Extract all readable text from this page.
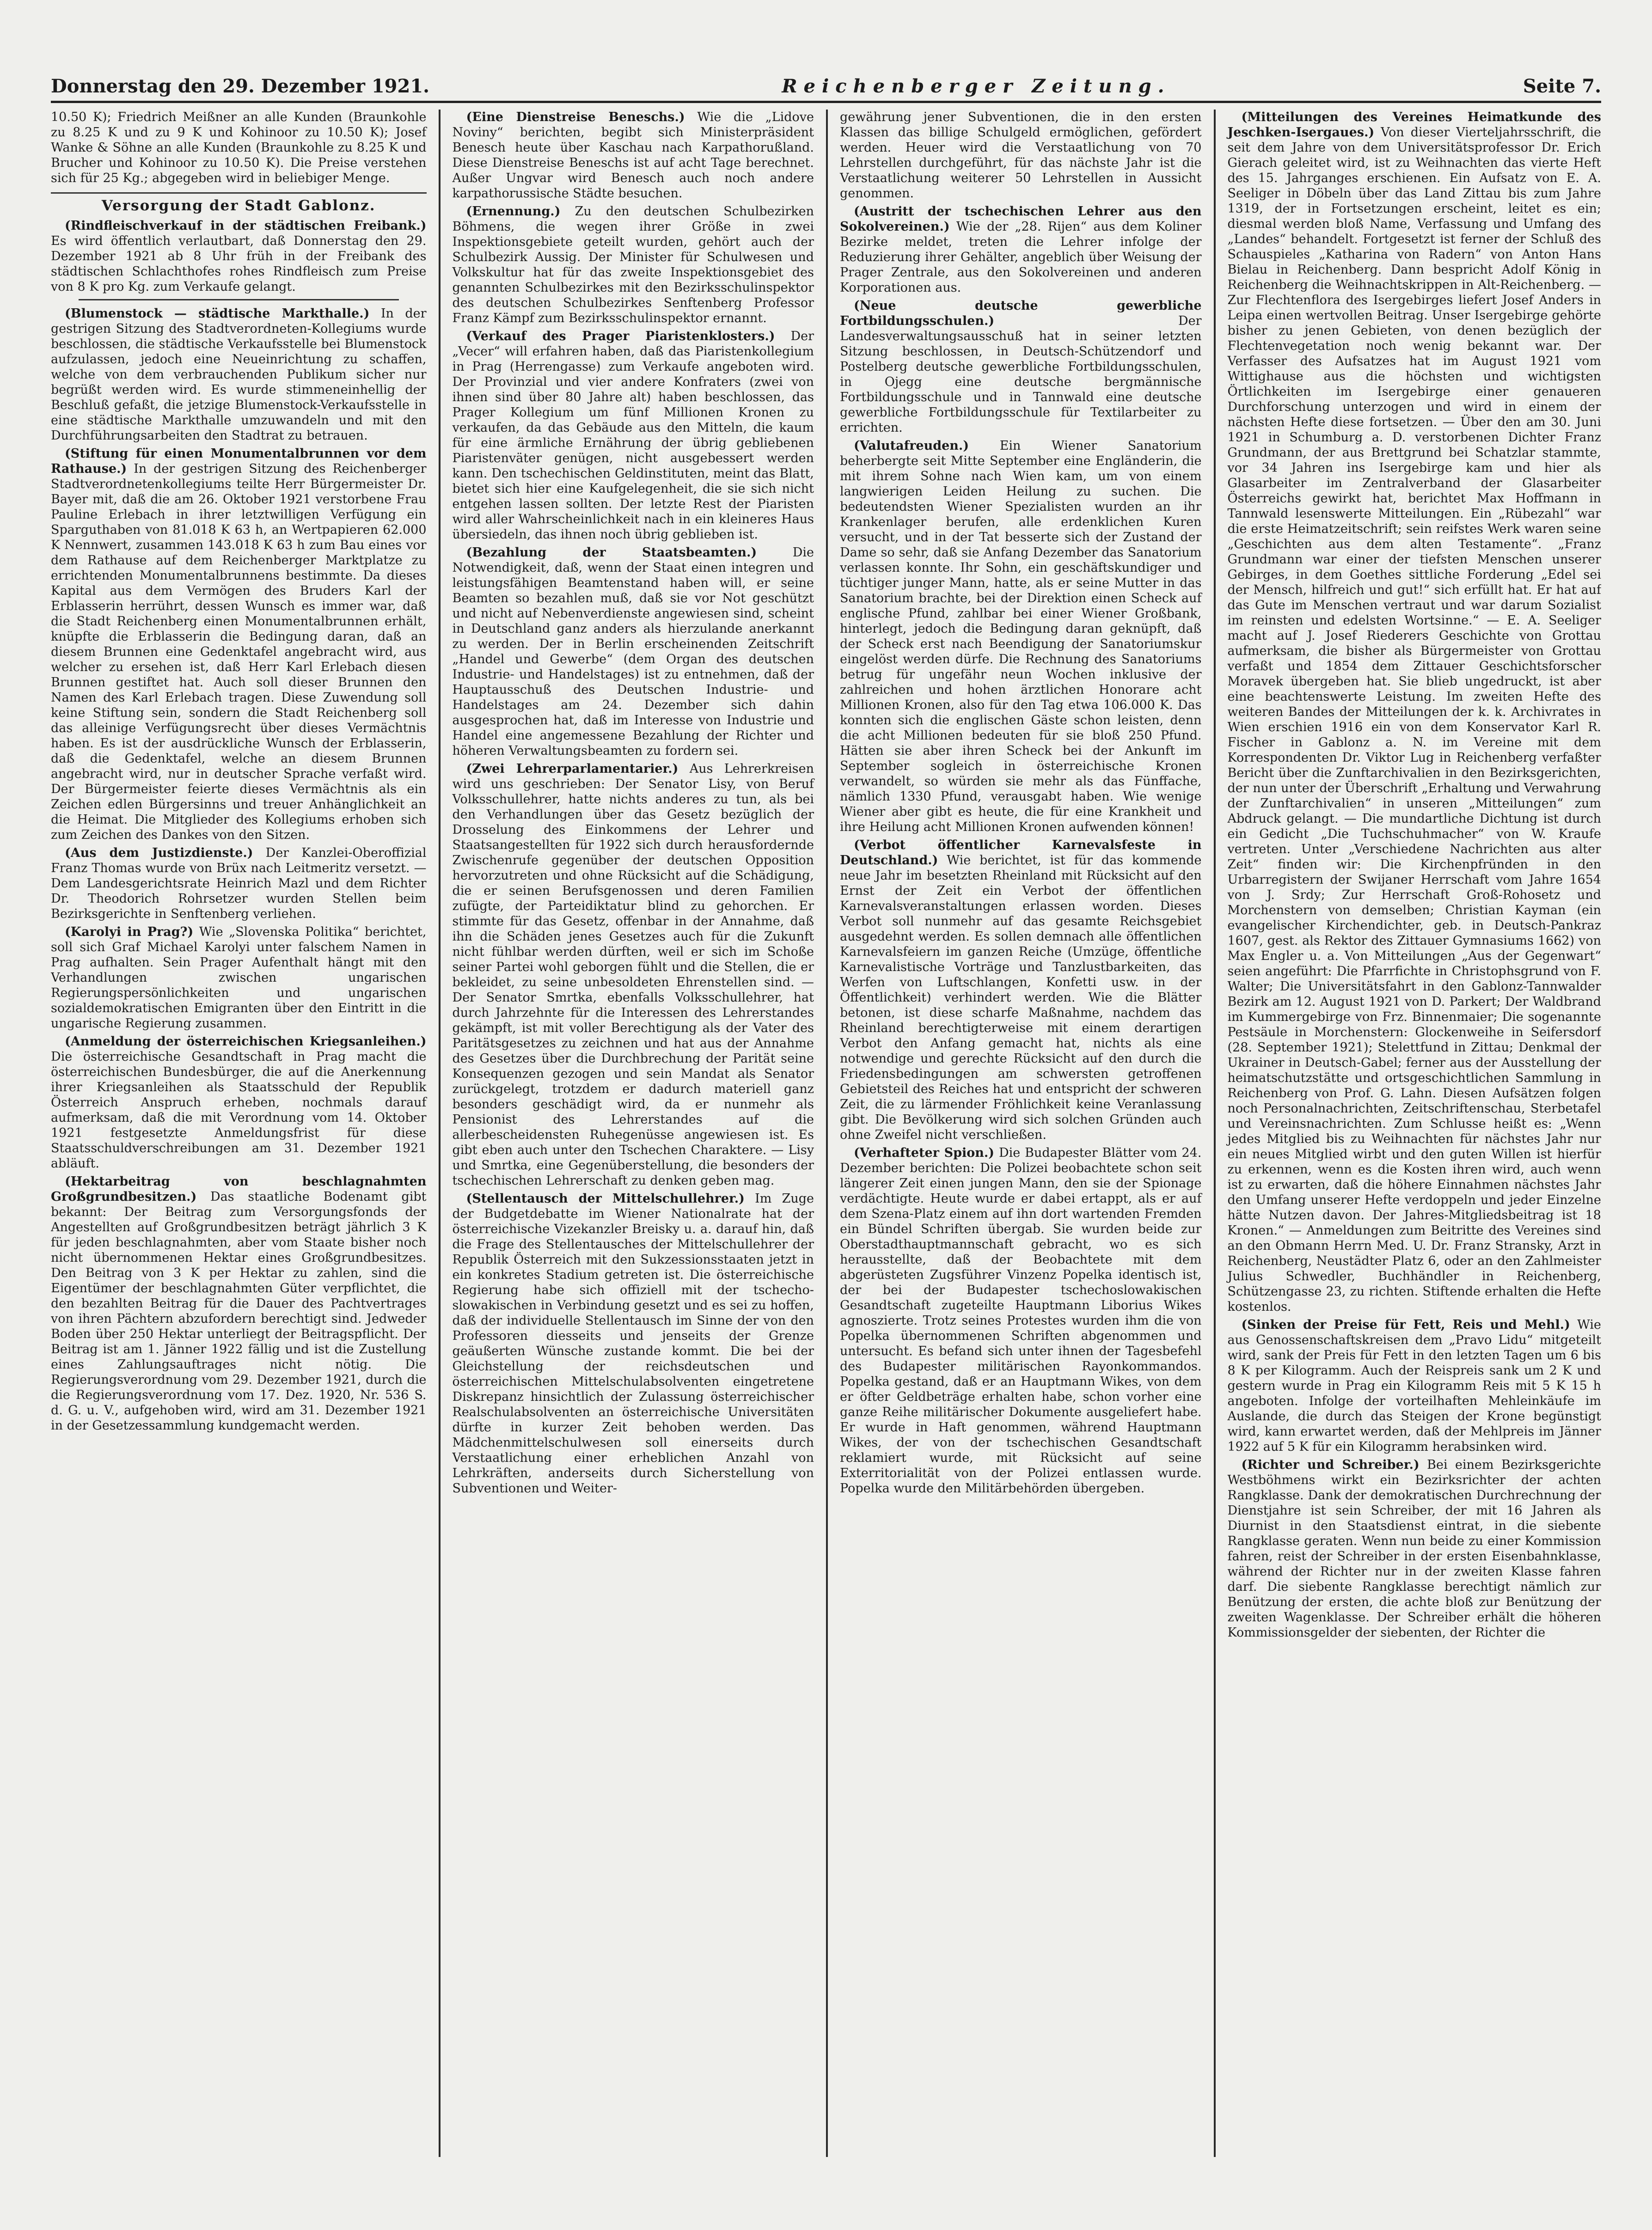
Donnerstag den 29. Dezember 1921.	Reichenberger Zeitung.	Seite 7.

10.50 K); Friedrich Meißner an alle Kunden (Braunkohle zu 8.25 K und zu 9 K und Kohinoor zu 10.50 K); Josef Wanke & Söhne an alle Kunden (Braunkohle zu 8.25 K und Brucher und Kohinoor zu 10.50 K). Die Preise verstehen sich für 25 Kg.; abgegeben wird in beliebiger Menge.

Versorgung der Stadt Gablonz.

(Rindfleischverkauf in der städtischen Freibank.) Es wird öffentlich verlautbart, daß Donnerstag den 29. Dezember 1921 ab 8 Uhr früh in der Freibank des städtischen Schlachthofes rohes Rindfleisch zum Preise von 8 K pro Kg. zum Verkaufe gelangt.

(Blumenstock — städtische Markthalle.) In der gestrigen Sitzung des Stadtverordneten-Kollegiums wurde beschlossen, die städtische Verkaufsstelle bei Blumenstock aufzulassen, jedoch eine Neueinrichtung zu schaffen, welche von dem verbrauchenden Publikum sicher nur begrüßt werden wird. Es wurde stimmeneinhellig der Beschluß gefaßt, die jetzige Blumenstock-Verkaufsstelle in eine städtische Markthalle umzuwandeln und mit den Durchführungsarbeiten den Stadtrat zu betrauen.

(Stiftung für einen Monumentalbrunnen vor dem Rathause.) In der gestrigen Sitzung des Reichenberger Stadtverordnetenkollegiums teilte Herr Bürgermeister Dr. Bayer mit, daß die am 26. Oktober 1921 verstorbene Frau Pauline Erlebach in ihrer letztwilligen Verfügung ein Sparguthaben von 81.018 K 63 h, an Wertpapieren 62.000 K Nennwert, zusammen 143.018 K 63 h zum Bau eines vor dem Rathause auf dem Reichenberger Marktplatze zu errichtenden Monumentalbrunnens bestimmte. Da dieses Kapital aus dem Vermögen des Bruders Karl der Erblasserin herrührt, dessen Wunsch es immer war, daß die Stadt Reichenberg einen Monumentalbrunnen erhält, knüpfte die Erblasserin die Bedingung daran, daß an diesem Brunnen eine Gedenktafel angebracht wird, aus welcher zu ersehen ist, daß Herr Karl Erlebach diesen Brunnen gestiftet hat. Auch soll dieser Brunnen den Namen des Karl Erlebach tragen. Diese Zuwendung soll keine Stiftung sein, sondern die Stadt Reichenberg soll das alleinige Verfügungsrecht über dieses Vermächtnis haben. Es ist der ausdrückliche Wunsch der Erblasserin, daß die Gedenktafel, welche an diesem Brunnen angebracht wird, nur in deutscher Sprache verfaßt wird. Der Bürgermeister feierte dieses Vermächtnis als ein Zeichen edlen Bürgersinns und treuer Anhänglichkeit an die Heimat. Die Mitglieder des Kollegiums erhoben sich zum Zeichen des Dankes von den Sitzen.

(Aus dem Justizdienste.) Der Kanzlei-Oberoffizial Franz Thomas wurde von Brüx nach Leitmeritz versetzt. — Dem Landesgerichtsrate Heinrich Mazl und dem Richter Dr. Theodorich Rohrsetzer wurden Stellen beim Bezirksgerichte in Senftenberg verliehen.

(Karolyi in Prag?) Wie „Slovenska Politika“ berichtet, soll sich Graf Michael Karolyi unter falschem Namen in Prag aufhalten. Sein Prager Aufenthalt hängt mit den Verhandlungen zwischen ungarischen Regierungspersönlichkeiten und ungarischen sozialdemokratischen Emigranten über den Eintritt in die ungarische Regierung zusammen.

(Anmeldung der österreichischen Kriegsanleihen.) Die österreichische Gesandtschaft in Prag macht die österreichischen Bundesbürger, die auf die Anerkennung ihrer Kriegsanleihen als Staatsschuld der Republik Österreich Anspruch erheben, nochmals darauf aufmerksam, daß die mit Verordnung vom 14. Oktober 1921 festgesetzte Anmeldungsfrist für diese Staatsschuldverschreibungen am 31. Dezember 1921 abläuft.

(Hektarbeitrag von beschlagnahmten Großgrundbesitzen.) Das staatliche Bodenamt gibt bekannt: Der Beitrag zum Versorgungsfonds der Angestellten auf Großgrundbesitzen beträgt jährlich 3 K für jeden beschlagnahmten, aber vom Staate bisher noch nicht übernommenen Hektar eines Großgrundbesitzes. Den Beitrag von 3 K per Hektar zu zahlen, sind die Eigentümer der beschlagnahmten Güter verpflichtet, die den bezahlten Beitrag für die Dauer des Pachtvertrages von ihren Pächtern abzufordern berechtigt sind. Jedweder Boden über 250 Hektar unterliegt der Beitragspflicht. Der Beitrag ist am 1. Jänner 1922 fällig und ist die Zustellung eines Zahlungsauftrages nicht nötig. Die Regierungsverordnung vom 29. Dezember 1921, durch die die Regierungsverordnung vom 17. Dez. 1920, Nr. 536 S. d. G. u. V., aufgehoben wird, wird am 31. Dezember 1921 in der Gesetzessammlung kundgemacht werden.

(Eine Dienstreise Beneschs.) Wie die „Lidove Noviny“ berichten, begibt sich Ministerpräsident Benesch heute über Kaschau nach Karpathorußland. Diese Dienstreise Beneschs ist auf acht Tage berechnet. Außer Ungvar wird Benesch auch noch andere karpathorussische Städte besuchen.

(Ernennung.) Zu den deutschen Schulbezirken Böhmens, die wegen ihrer Größe in zwei Inspektionsgebiete geteilt wurden, gehört auch der Schulbezirk Aussig. Der Minister für Schulwesen und Volkskultur hat für das zweite Inspektionsgebiet des genannten Schulbezirkes mit den Bezirksschulinspektor des deutschen Schulbezirkes Senftenberg Professor Franz Kämpf zum Bezirksschulinspektor ernannt.

(Verkauf des Prager Piaristenklosters.) Der „Vecer“ will erfahren haben, daß das Piaristenkollegium in Prag (Herrengasse) zum Verkaufe angeboten wird. Der Provinzial und vier andere Konfraters (zwei von ihnen sind über 80 Jahre alt) haben beschlossen, das Prager Kollegium um fünf Millionen Kronen zu verkaufen, da das Gebäude aus den Mitteln, die kaum für eine ärmliche Ernährung der übrig gebliebenen Piaristenväter genügen, nicht ausgebessert werden kann. Den tschechischen Geldinstituten, meint das Blatt, bietet sich hier eine Kaufgelegenheit, die sie sich nicht entgehen lassen sollten. Der letzte Rest der Piaristen wird aller Wahrscheinlichkeit nach in ein kleineres Haus übersiedeln, das ihnen noch übrig geblieben ist.

(Bezahlung der Staatsbeamten.)	Die Notwendigkeit, daß, wenn der Staat einen integren und leistungsfähigen Beamtenstand haben will, er seine Beamten so bezahlen muß, daß sie vor Not geschützt und nicht auf Nebenverdienste angewiesen sind, scheint in Deutschland ganz anders als hierzulande anerkannt zu werden. Der in Berlin erscheinenden Zeitschrift „Handel und Gewerbe“ (dem Organ des deutschen Industrie- und Handelstages) ist zu entnehmen, daß der Hauptausschuß des Deutschen Industrie- und Handelstages am 24. Dezember sich dahin ausgesprochen hat, daß im Interesse von Industrie und Handel eine angemessene Bezahlung der Richter und höheren Verwaltungsbeamten zu fordern sei.

(Zwei Lehrerparlamentarier.) Aus Lehrerkreisen wird uns geschrieben: Der Senator Lisy, von Beruf Volksschullehrer, hatte nichts anderes zu tun, als bei den Verhandlungen über das Gesetz bezüglich der Drosselung des Einkommens der Lehrer und Staatsangestellten für 1922 sich durch herausfordernde Zwischenrufe gegenüber der deutschen Opposition hervorzutreten und ohne Rücksicht auf die Schädigung, die er seinen Berufsgenossen und deren Familien zufügte, der Parteidiktatur blind zu gehorchen. Er stimmte für das Gesetz, offenbar in der Annahme, daß ihn die Schäden jenes Gesetzes auch für die Zukunft nicht fühlbar werden dürften, weil er sich im Schoße seiner Partei wohl geborgen fühlt und die Stellen, die er bekleidet, zu seine unbesoldeten Ehrenstellen sind. — Der Senator Smrtka, ebenfalls Volksschullehrer, hat durch Jahrzehnte für die Interessen des Lehrerstandes gekämpft, ist mit voller Berechtigung als der Vater des Paritätsgesetzes zu zeichnen und hat aus der Annahme des Gesetzes über die Durchbrechung der Parität seine Konsequenzen gezogen und sein Mandat als Senator zurückgelegt, trotzdem er dadurch materiell ganz besonders geschädigt wird, da er nunmehr als Pensionist des Lehrerstandes auf die allerbescheidensten Ruhegenüsse angewiesen ist. Es gibt eben auch unter den Tschechen Charaktere. — Lisy und Smrtka, eine Gegenüberstellung, die besonders der tschechischen Lehrerschaft zu denken geben mag.

(Stellentausch der Mittelschullehrer.) Im Zuge der Budgetdebatte im Wiener Nationalrate hat der österreichische Vizekanzler Breisky u. a. darauf hin, daß die Frage des Stellentausches der Mittelschullehrer der Republik Österreich mit den Sukzessionsstaaten jetzt in ein konkretes Stadium getreten ist. Die österreichische Regierung habe sich offiziell mit der tschecho-slowakischen in Verbindung gesetzt und es sei zu hoffen, daß der individuelle Stellentausch im Sinne der von den Professoren diesseits und jenseits der Grenze geäußerten Wünsche zustande kommt. Die bei der Gleichstellung der reichsdeutschen und österreichischen Mittelschulabsolventen eingetretene Diskrepanz hinsichtlich der Zulassung österreichischer Realschulabsolventen an österreichische Universitäten dürfte in kurzer Zeit behoben werden. Das Mädchenmittelschulwesen soll einerseits durch Verstaatlichung einer erheblichen Anzahl von Lehrkräften, anderseits durch Sicherstellung von Subventionen und Weiter-

gewährung jener Subventionen, die in den ersten Klassen das billige Schulgeld ermöglichen, gefördert werden. Heuer wird die Verstaatlichung von 70 Lehrstellen durchgeführt, für das nächste Jahr ist die Verstaatlichung weiterer 50 Lehrstellen in Aussicht genommen.

(Austritt der tschechischen Lehrer aus den Sokolvereinen.) Wie der „28. Rijen“ aus dem Koliner Bezirke meldet, treten die Lehrer infolge der Reduzierung ihrer Gehälter, angeblich über Weisung der Prager Zentrale, aus den Sokolvereinen und anderen Korporationen aus.

(Neue deutsche gewerbliche Fortbildungsschulen.)	Der Landesverwaltungsausschuß hat in seiner letzten Sitzung beschlossen, in Deutsch-Schützendorf und Postelberg deutsche gewerbliche Fortbildungsschulen, in Ojegg eine deutsche bergmännische Fortbildungsschule und in Tannwald eine deutsche gewerbliche Fortbildungsschule für Textilarbeiter zu errichten.

(Valutafreuden.) Ein Wiener Sanatorium beherbergte seit Mitte September eine Engländerin, die mit ihrem Sohne nach Wien kam, um von einem langwierigen Leiden Heilung zu suchen. Die bedeutendsten Wiener Spezialisten wurden an ihr Krankenlager berufen, alle erdenklichen Kuren versucht, und in der Tat besserte sich der Zustand der Dame so sehr, daß sie Anfang Dezember das Sanatorium verlassen konnte. Ihr Sohn, ein geschäftskundiger und tüchtiger junger Mann, hatte, als er seine Mutter in das Sanatorium brachte, bei der Direktion einen Scheck auf englische Pfund, zahlbar bei einer Wiener Großbank, hinterlegt, jedoch die Bedingung daran geknüpft, daß der Scheck erst nach Beendigung der Sanatoriumskur eingelöst werden dürfe. Die Rechnung des Sanatoriums betrug für ungefähr neun Wochen inklusive der zahlreichen und hohen ärztlichen Honorare acht Millionen Kronen, also für den Tag etwa 106.000 K. Das konnten sich die englischen Gäste schon leisten, denn die acht Millionen bedeuten für sie bloß 250 Pfund. Hätten sie aber ihren Scheck bei der Ankunft im September sogleich in österreichische Kronen verwandelt, so würden sie mehr als das Fünffache, nämlich 1330 Pfund, verausgabt haben. Wie wenige Wiener aber gibt es heute, die für eine Krankheit und ihre Heilung acht Millionen Kronen aufwenden können!

(Verbot öffentlicher Karnevalsfeste in Deutschland.) Wie berichtet, ist für das kommende neue Jahr im besetzten Rheinland mit Rücksicht auf den Ernst der Zeit ein Verbot der öffentlichen Karnevalsveranstaltungen erlassen worden. Dieses Verbot soll nunmehr auf das gesamte Reichsgebiet ausgedehnt werden. Es sollen demnach alle öffentlichen Karnevalsfeiern im ganzen Reiche (Umzüge, öffentliche Karnevalistische Vorträge und Tanzlustbarkeiten, das Werfen von Luftschlangen, Konfetti usw. in der Öffentlichkeit) verhindert werden. Wie die Blätter betonen, ist diese scharfe Maßnahme, nachdem das Rheinland berechtigterweise mit einem derartigen Verbot den Anfang gemacht hat, nichts als eine notwendige und gerechte Rücksicht auf den durch die Friedensbedingungen am schwersten getroffenen Gebietsteil des Reiches hat und entspricht der schweren Zeit, die zu lärmender Fröhlichkeit keine Veranlassung gibt. Die Bevölkerung wird sich solchen Gründen auch ohne Zweifel nicht verschließen.

(Verhafteter Spion.) Die Budapester Blätter vom 24. Dezember berichten: Die Polizei beobachtete schon seit längerer Zeit einen jungen Mann, den sie der Spionage verdächtigte. Heute wurde er dabei ertappt, als er auf dem Szena-Platz einem auf ihn dort wartenden Fremden ein Bündel Schriften übergab. Sie wurden beide zur Oberstadthauptmannschaft gebracht, wo es sich herausstellte, daß der Beobachtete mit dem abgerüsteten Zugsführer Vinzenz Popelka identisch ist, der bei der Budapester tschechoslowakischen Gesandtschaft zugeteilte Hauptmann Liborius Wikes agnoszierte. Trotz seines Protestes wurden ihm die von Popelka übernommenen Schriften abgenommen und untersucht. Es befand sich unter ihnen der Tagesbefehl des Budapester militärischen Rayonkommandos. Popelka gestand, daß er an Hauptmann Wikes, von dem er öfter Geldbeträge erhalten habe, schon vorher eine ganze Reihe militärischer Dokumente ausgeliefert habe. Er wurde in Haft genommen, während Hauptmann Wikes, der von der tschechischen Gesandtschaft reklamiert wurde, mit Rücksicht auf seine Exterritorialität von der Polizei entlassen wurde. Popelka wurde den Militärbehörden übergeben.

(Mitteilungen des Vereines Heimatkunde des Jeschken-Isergaues.) Von dieser Vierteljahrsschrift, die seit dem Jahre von dem Universitätsprofessor Dr. Erich Gierach geleitet wird, ist zu Weihnachten das vierte Heft des 15. Jahrganges erschienen. Ein Aufsatz von E. A. Seeliger in Döbeln über das Land Zittau bis zum Jahre 1319, der in Fortsetzungen erscheint, leitet es ein; diesmal werden bloß Name, Verfassung und Umfang des „Landes“ behandelt. Fortgesetzt ist ferner der Schluß des Schauspieles „Katharina von Radern“ von Anton Hans Bielau in Reichenberg. Dann bespricht Adolf König in Reichenberg die Weihnachtskrippen in Alt-Reichenberg. — Zur Flechtenflora des Isergebirges liefert Josef Anders in Leipa einen wertvollen Beitrag. Unser Isergebirge gehörte bisher zu jenen Gebieten, von denen bezüglich der Flechtenvegetation noch wenig bekannt war. Der Verfasser des Aufsatzes hat im August 1921 vom Wittighause aus die höchsten und wichtigsten Örtlichkeiten im Isergebirge einer genaueren Durchforschung unterzogen und wird in einem der nächsten Hefte diese fortsetzen. — Über den am 30. Juni 1921 in Schumburg a. D. verstorbenen Dichter Franz Grundmann, der aus Brettgrund bei Schatzlar stammte, vor 34 Jahren ins Isergebirge kam und hier als Glasarbeiter im Zentralverband der Glasarbeiter Österreichs gewirkt hat, berichtet Max Hoffmann in Tannwald lesenswerte Mitteilungen. Ein „Rübezahl“ war die erste Heimatzeitschrift; sein reifstes Werk waren seine „Geschichten aus dem alten Testamente“. „Franz Grundmann war einer der tiefsten Menschen unserer Gebirges, in dem Goethes sittliche Forderung „Edel sei der Mensch, hilfreich und gut!“ sich erfüllt hat. Er hat auf das Gute im Menschen vertraut und war darum Sozialist im reinsten und edelsten Wortsinne.“ — E. A. Seeliger macht auf J. Josef Riederers Geschichte von Grottau aufmerksam, die bisher als Bürgermeister von Grottau verfaßt und 1854 dem Zittauer Geschichtsforscher Moravek übergeben hat. Sie blieb ungedruckt, ist aber eine beachtenswerte Leistung. Im zweiten Hefte des weiteren Bandes der Mitteilungen der k. k. Archivrates in Wien erschien 1916 ein von dem Konservator Karl R. Fischer in Gablonz a. N. im Vereine mit dem Korrespondenten Dr. Viktor Lug in Reichenberg verfaßter Bericht über die Zunftarchivalien in den Bezirksgerichten, der nun unter der Überschrift „Erhaltung und Verwahrung der Zunftarchivalien“ in unseren „Mitteilungen“ zum Abdruck gelangt. — Die mundartliche Dichtung ist durch ein Gedicht „Die Tuchschuhmacher“ von W. Kraufe vertreten. Unter „Verschiedene Nachrichten aus alter Zeit“ finden wir: Die Kirchenpfründen in den Urbarregistern der Swijaner Herrschaft vom Jahre 1654 von J. Srdy; Zur Herrschaft Groß-Rohosetz und Morchenstern von demselben; Christian Kayman (ein evangelischer Kirchendichter, geb. in Deutsch-Pankraz 1607, gest. als Rektor des Zittauer Gymnasiums 1662) von Max Engler u. a. Von Mitteilungen „Aus der Gegenwart“ seien angeführt: Die Pfarrfichte in Christophsgrund von F. Walter; Die Universitätsfahrt in den Gablonz-Tannwalder Bezirk am 12. August 1921 von D. Parkert; Der Waldbrand im Kummergebirge von Frz. Binnenmaier; Die sogenannte Pestsäule in Morchenstern: Glockenweihe in Seifersdorf (28. September 1921); Stelettfund in Zittau; Denkmal der Ukrainer in Deutsch-Gabel; ferner aus der Ausstellung der heimatschutzstätte und ortsgeschichtlichen Sammlung in Reichenberg von Prof. G. Lahn. Diesen Aufsätzen folgen noch Personalnachrichten, Zeitschriftenschau, Sterbetafel und Vereinsnachrichten. Zum Schlusse heißt es: „Wenn jedes Mitglied bis zu Weihnachten für nächstes Jahr nur ein neues Mitglied wirbt und den guten Willen ist hierfür zu erkennen, wenn es die Kosten ihren wird, auch wenn ist zu erwarten, daß die höhere Einnahmen nächstes Jahr den Umfang unserer Hefte verdoppeln und jeder Einzelne hätte Nutzen davon. Der Jahres-Mitgliedsbeitrag ist 18 Kronen.“ — Anmeldungen zum Beitritte des Vereines sind an den Obmann Herrn Med. U. Dr. Franz Stransky, Arzt in Reichenberg, Neustädter Platz 6, oder an den Zahlmeister Julius Schwedler, Buchhändler in Reichenberg, Schützengasse 23, zu richten. Stiftende erhalten die Hefte kostenlos.

(Sinken der Preise für Fett, Reis und Mehl.) Wie aus Genossenschaftskreisen dem „Pravo Lidu“ mitgeteilt wird, sank der Preis für Fett in den letzten Tagen um 6 bis 8 K per Kilogramm. Auch der Reispreis sank um 2 K und gestern wurde in Prag ein Kilogramm Reis mit 5 K 15 h angeboten. Infolge der vorteilhaften Mehleinkäufe im Auslande, die durch das Steigen der Krone begünstigt wird, kann erwartet werden, daß der Mehlpreis im Jänner 1922 auf 5 K für ein Kilogramm herabsinken wird.

(Richter und Schreiber.) Bei einem Bezirksgerichte Westböhmens wirkt ein Bezirksrichter der achten Rangklasse. Dank der demokratischen Durchrechnung der Dienstjahre ist sein Schreiber, der mit 16 Jahren als Diurnist in den Staatsdienst eintrat, in die siebente Rangklasse geraten. Wenn nun beide zu einer Kommission fahren, reist der Schreiber in der ersten Eisenbahnklasse, während der Richter nur in der zweiten Klasse fahren darf. Die siebente Rangklasse berechtigt nämlich zur Benützung der ersten, die achte bloß zur Benützung der zweiten Wagenklasse. Der Schreiber erhält die höheren Kommissionsgelder der siebenten, der Richter die
